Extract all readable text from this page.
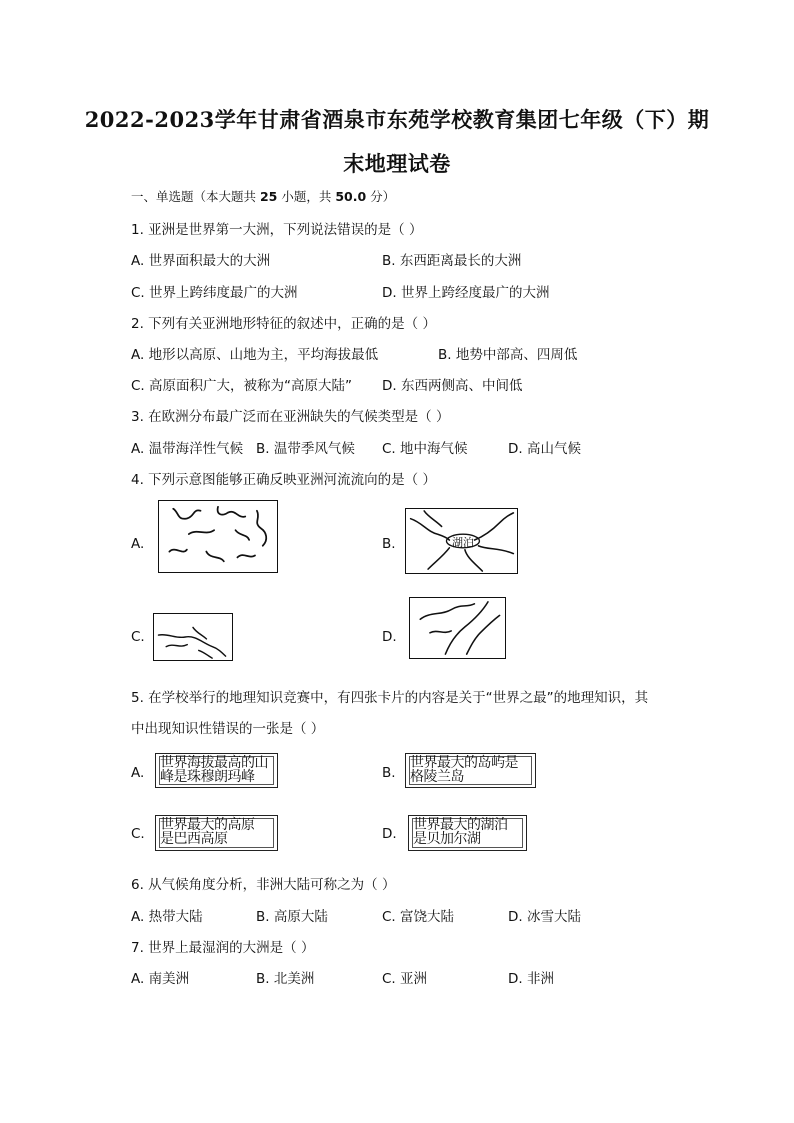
2022-2023学年甘肃省酒泉市东苑学校教育集团七年级（下）期
末地理试卷
一、单选题（本大题共 25 小题，共 50.0 分）
1. 亚洲是世界第一大洲，下列说法错误的是（ ）
A. 世界面积最大的大洲	B. 东西距离最长的大洲
C. 世界上跨纬度最广的大洲	D. 世界上跨经度最广的大洲
2. 下列有关亚洲地形特征的叙述中，正确的是（ ）
A. 地形以高原、山地为主，平均海拔最低	B. 地势中部高、四周低
C. 高原面积广大，被称为“高原大陆” D. 东西两侧高、中间低
3. 在欧洲分布最广泛而在亚洲缺失的气候类型是（ ）
A. 温带海洋性气候 B. 温带季风气候 C. 地中海气候	D. 高山气候
4. 下列示意图能够正确反映亚洲河流流向的是（ ）
A.	B.	湖泊
C.	D.
5. 在学校举行的地理知识竞赛中，有四张卡片的内容是关于“世界之最”的地理知识，其
中出现知识性错误的一张是（ ）
A.
世界海拔最高的山
峰是珠穆朗玛峰	B.
世界最大的岛屿是
格陵兰岛
C.
世界最大的高原
是巴西高原	D.
世界最大的湖泊
是贝加尔湖
6. 从气候角度分析，非洲大陆可称之为（ ）
A. 热带大陆	B. 高原大陆	C. 富饶大陆	D. 冰雪大陆
7. 世界上最湿润的大洲是（ ）
A. 南美洲	B. 北美洲	C. 亚洲	D. 非洲
